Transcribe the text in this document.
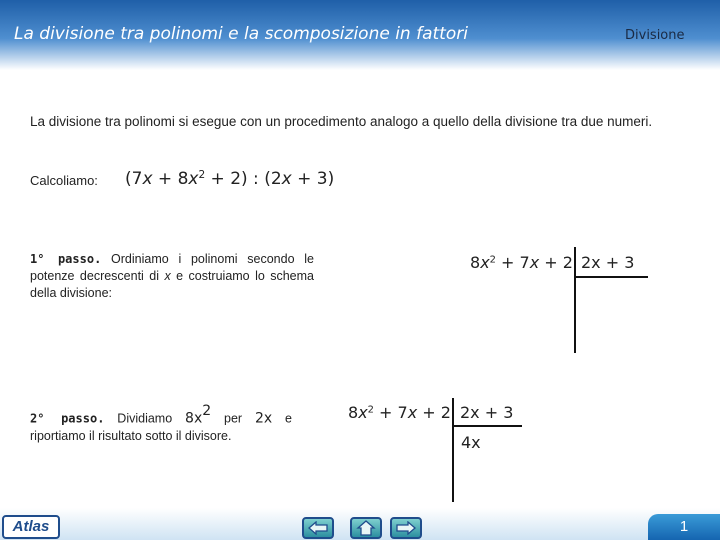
La divisione tra polinomi e la scomposizione in fattori	Divisione
La divisione tra polinomi si esegue con un procedimento analogo a quello della divisione tra due numeri.
Calcoliamo: $(7x + 8x^2 + 2)$ : (2x + 3)
1° passo. Ordiniamo i polinomi secondo le potenze decrescenti di x e costruiamo lo schema della divisione:
2° passo. Dividiamo $8x^2$ per 2x e riportiamo il risultato sotto il divisore.
$8x^2 + 7x + 2$ 2x + 3
$8x^2 + 7x + 2$ 2x + 3
4x
Atlas	1
